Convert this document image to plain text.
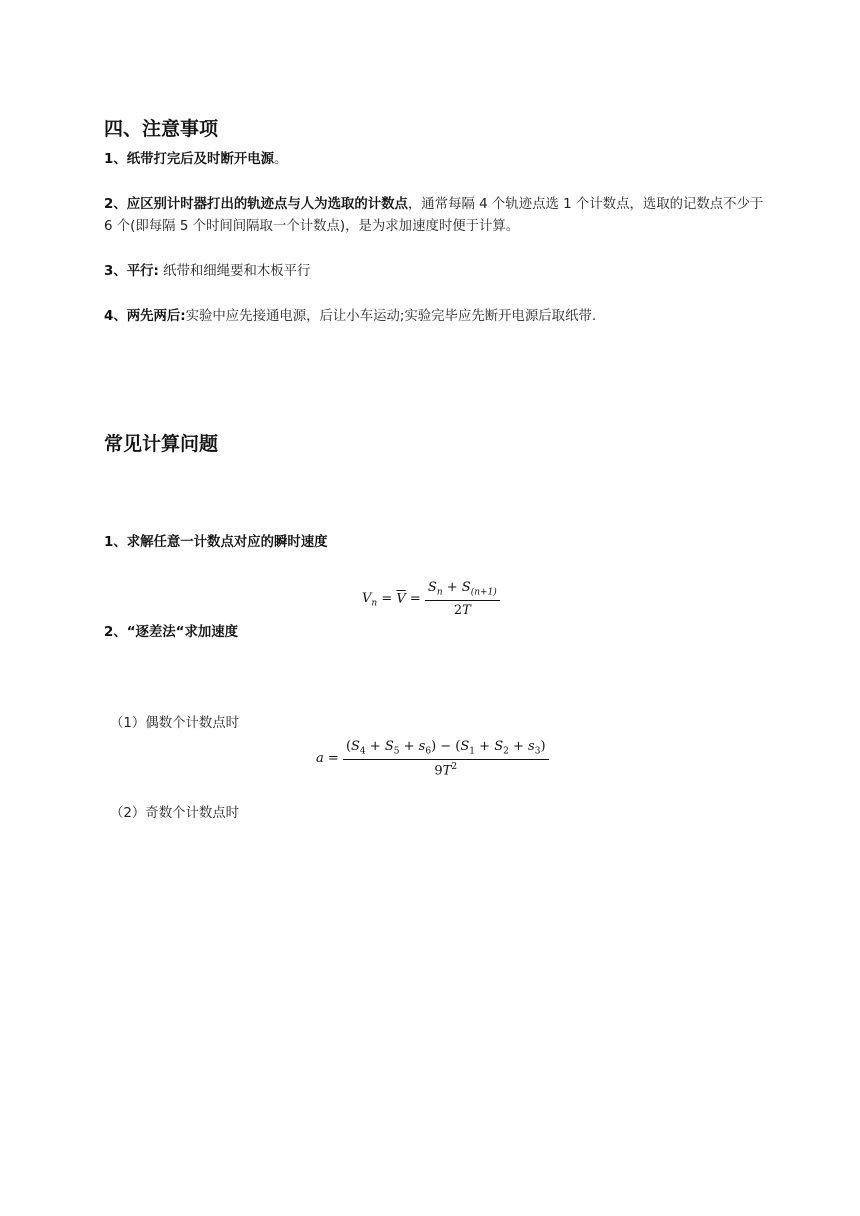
四、注意事项
1、纸带打完后及时断开电源。
2、应区别计时器打出的轨迹点与人为选取的计数点，通常每隔 4 个轨迹点选 1 个计数点，选取的记数点不少于 6 个(即每隔 5 个时间间隔取一个计数点)，是为求加速度时便于计算。
3、平行: 纸带和细绳要和木板平行
4、两先两后:实验中应先接通电源，后让小车运动;实验完毕应先断开电源后取纸带.
常见计算问题
1、求解任意一计数点对应的瞬时速度
$V_n = \overline{V} = \frac{S_n + S_{(n+1)}}{2T}$
2、“逐差法“求加速度
（1）偶数个计数点时
$a = \frac{(S_4 + S_5 + s_6) - (S_1 + S_2 + s_3)}{9T^2}$
（2）奇数个计数点时
